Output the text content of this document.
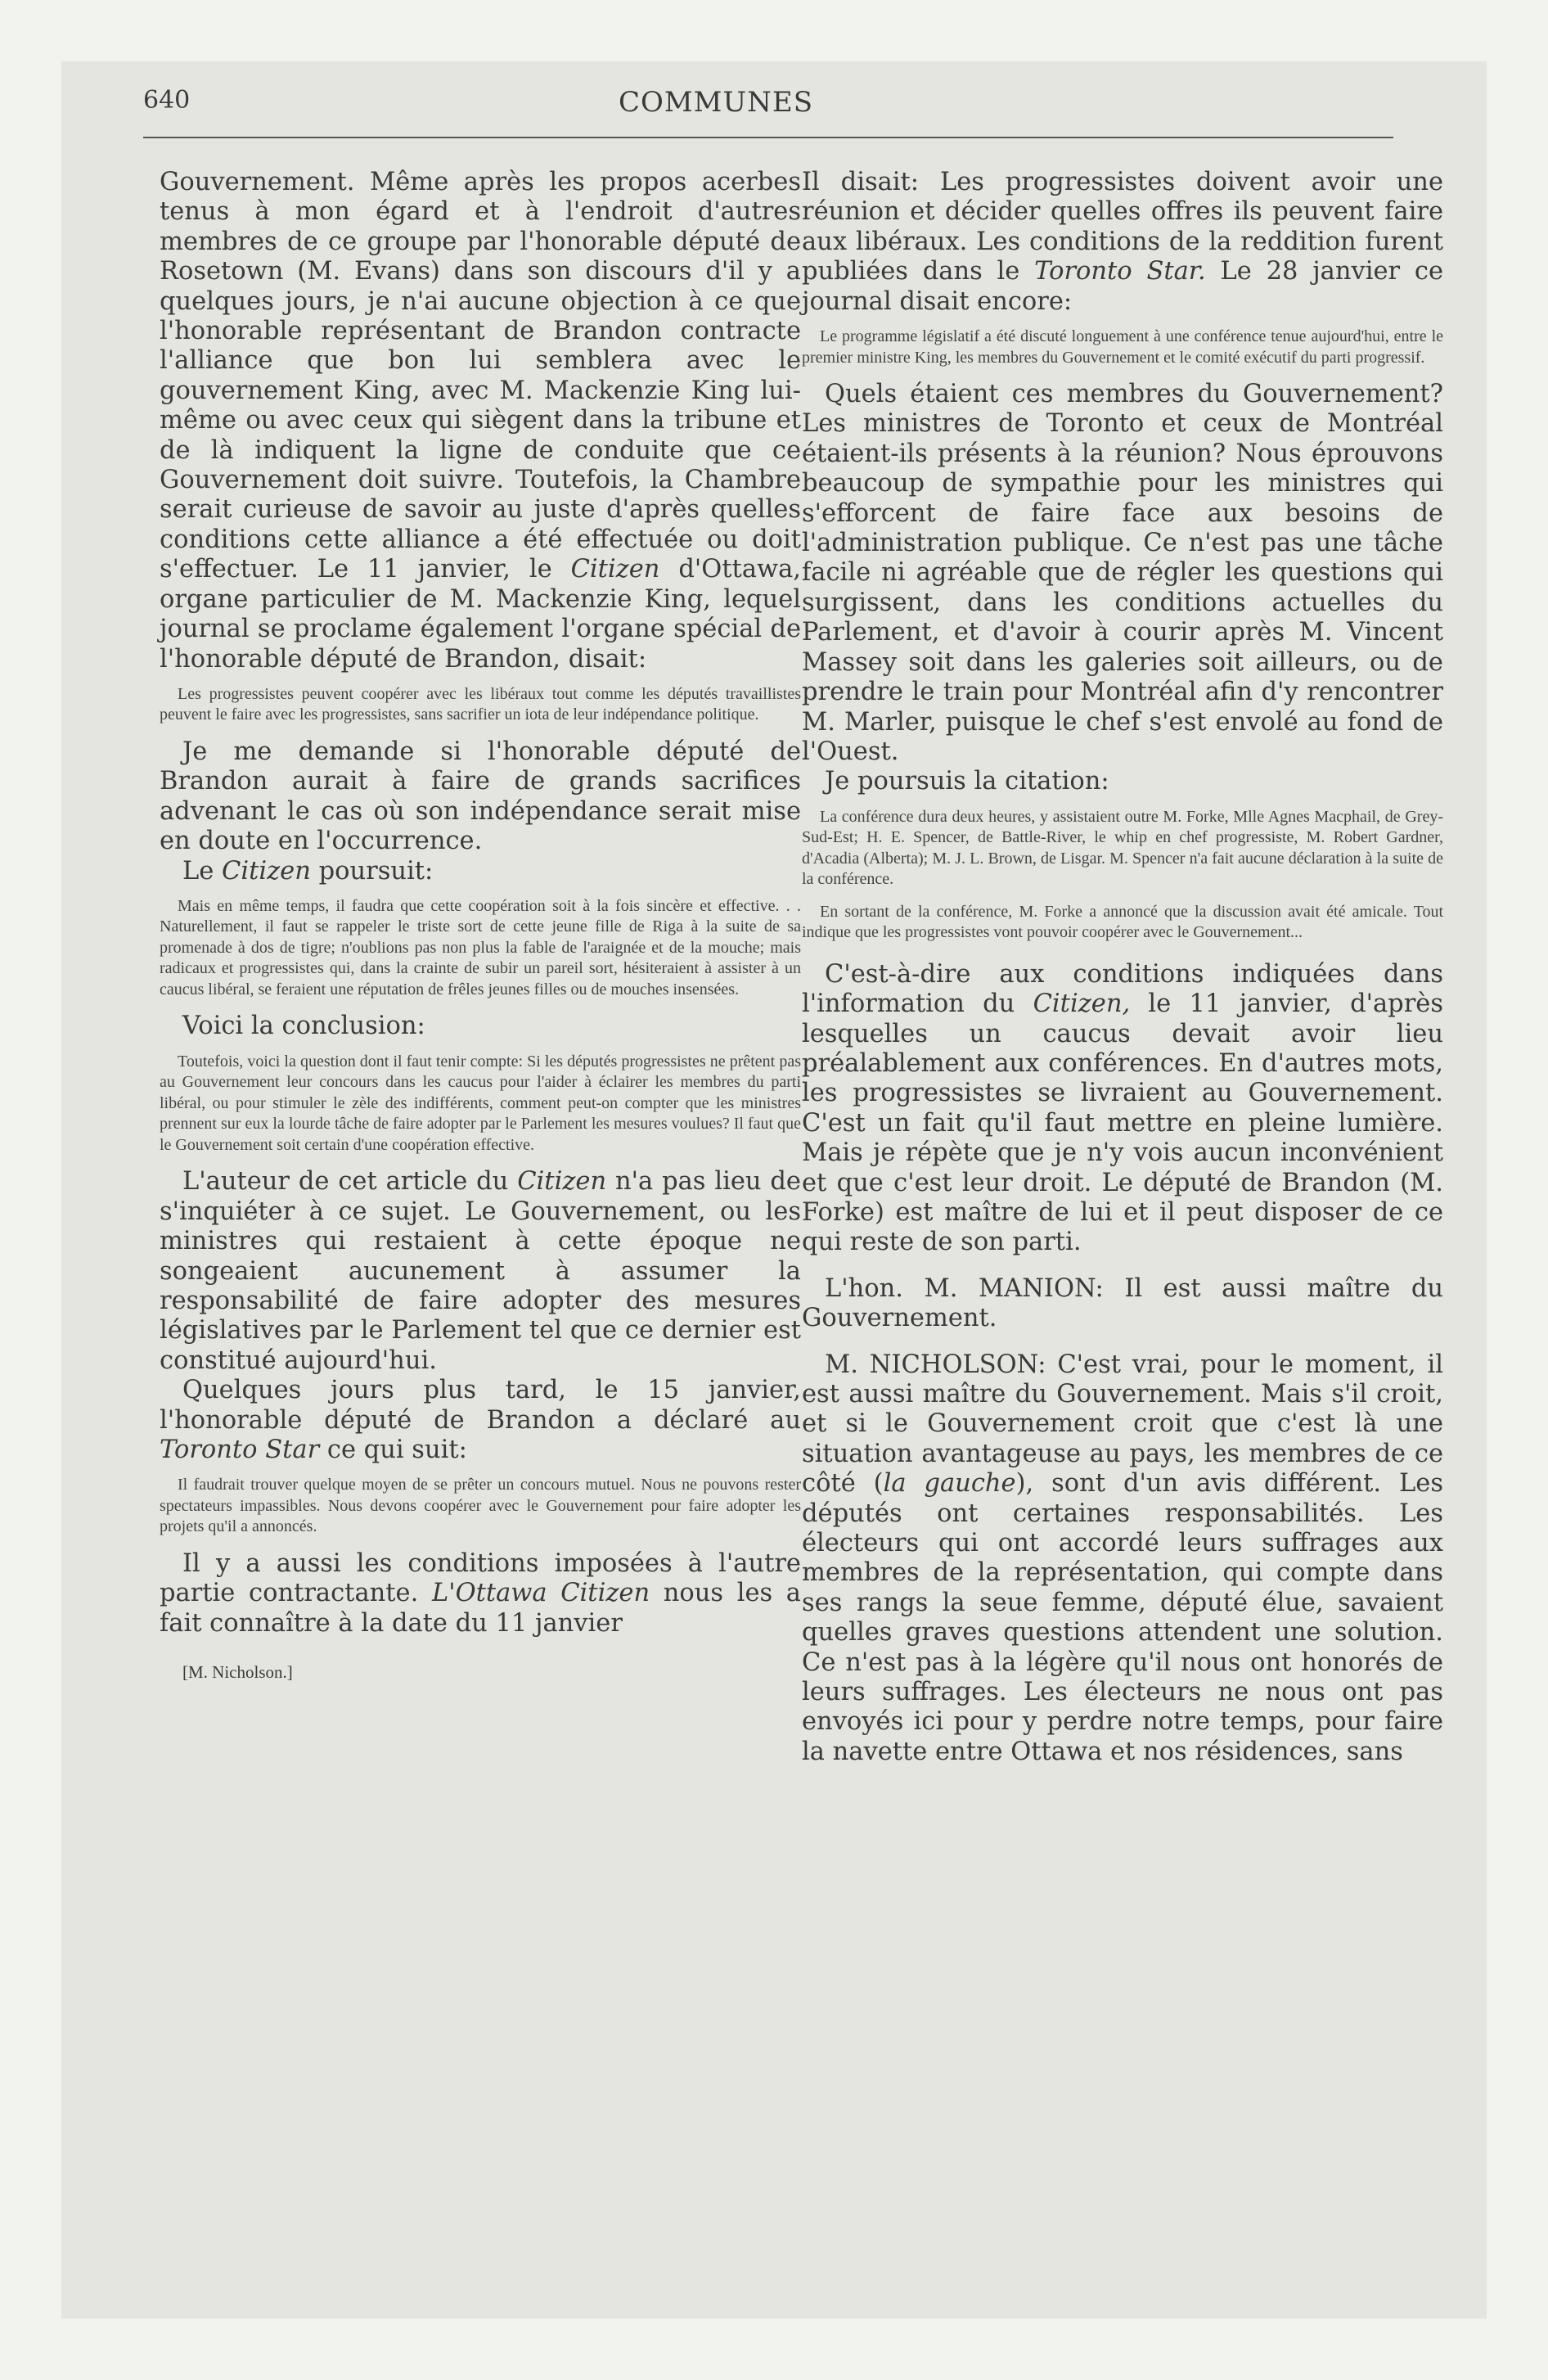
640	COMMUNES

Gouvernement. Même après les propos acerbes tenus à mon égard et à l'endroit d'autres membres de ce groupe par l'honorable député de Rosetown (M. Evans) dans son discours d'il y a quelques jours, je n'ai aucune objection à ce que l'honorable représentant de Brandon contracte l'alliance que bon lui semblera avec le gouvernement King, avec M. Mackenzie King lui-même ou avec ceux qui siègent dans la tribune et de là indiquent la ligne de conduite que ce Gouvernement doit suivre. Toutefois, la Chambre serait curieuse de savoir au juste d'après quelles conditions cette alliance a été effectuée ou doit s'effectuer. Le 11 janvier, le Citizen d'Ottawa, organe particulier de M. Mackenzie King, lequel journal se proclame également l'organe spécial de l'honorable député de Brandon, disait:

Les progressistes peuvent coopérer avec les libéraux tout comme les députés travaillistes peuvent le faire avec les progressistes, sans sacrifier un iota de leur indépendance politique.

Je me demande si l'honorable député de Brandon aurait à faire de grands sacrifices advenant le cas où son indépendance serait mise en doute en l'occurrence.

Le Citizen poursuit:

Mais en même temps, il faudra que cette coopération soit à la fois sincère et effective. . . Naturellement, il faut se rappeler le triste sort de cette jeune fille de Riga à la suite de sa promenade à dos de tigre; n'oublions pas non plus la fable de l'araignée et de la mouche; mais radicaux et progressistes qui, dans la crainte de subir un pareil sort, hésiteraient à assister à un caucus libéral, se feraient une réputation de frêles jeunes filles ou de mouches insensées.

Voici la conclusion:

Toutefois, voici la question dont il faut tenir compte: Si les députés progressistes ne prêtent pas au Gouvernement leur concours dans les caucus pour l'aider à éclairer les membres du parti libéral, ou pour stimuler le zèle des indifférents, comment peut-on compter que les ministres prennent sur eux la lourde tâche de faire adopter par le Parlement les mesures voulues? Il faut que le Gouvernement soit certain d'une coopération effective.

L'auteur de cet article du Citizen n'a pas lieu de s'inquiéter à ce sujet. Le Gouvernement, ou les ministres qui restaient à cette époque ne songeaient aucunement à assumer la responsabilité de faire adopter des mesures législatives par le Parlement tel que ce dernier est constitué aujourd'hui.

Quelques jours plus tard, le 15 janvier, l'honorable député de Brandon a déclaré au Toronto Star ce qui suit:

Il faudrait trouver quelque moyen de se prêter un concours mutuel. Nous ne pouvons rester spectateurs impassibles. Nous devons coopérer avec le Gouvernement pour faire adopter les projets qu'il a annoncés.

Il y a aussi les conditions imposées à l'autre partie contractante. L'Ottawa Citizen nous les a fait connaître à la date du 11 janvier

[M. Nicholson.]

Il disait: Les progressistes doivent avoir une réunion et décider quelles offres ils peuvent faire aux libéraux. Les conditions de la reddition furent publiées dans le Toronto Star. Le 28 janvier ce journal disait encore:

Le programme législatif a été discuté longuement à une conférence tenue aujourd'hui, entre le premier ministre King, les membres du Gouvernement et le comité exécutif du parti progressif.

Quels étaient ces membres du Gouvernement? Les ministres de Toronto et ceux de Montréal étaient-ils présents à la réunion? Nous éprouvons beaucoup de sympathie pour les ministres qui s'efforcent de faire face aux besoins de l'administration publique. Ce n'est pas une tâche facile ni agréable que de régler les questions qui surgissent, dans les conditions actuelles du Parlement, et d'avoir à courir après M. Vincent Massey soit dans les galeries soit ailleurs, ou de prendre le train pour Montréal afin d'y rencontrer M. Marler, puisque le chef s'est envolé au fond de l'Ouest.

Je poursuis la citation:

La conférence dura deux heures, y assistaient outre M. Forke, Mlle Agnes Macphail, de Grey-Sud-Est; H. E. Spencer, de Battle-River, le whip en chef progressiste, M. Robert Gardner, d'Acadia (Alberta); M. J. L. Brown, de Lisgar. M. Spencer n'a fait aucune déclaration à la suite de la conférence.

En sortant de la conférence, M. Forke a annoncé que la discussion avait été amicale. Tout indique que les progressistes vont pouvoir coopérer avec le Gouvernement...

C'est-à-dire aux conditions indiquées dans l'information du Citizen, le 11 janvier, d'après lesquelles un caucus devait avoir lieu préalablement aux conférences. En d'autres mots, les progressistes se livraient au Gouvernement. C'est un fait qu'il faut mettre en pleine lumière. Mais je répète que je n'y vois aucun inconvénient et que c'est leur droit. Le député de Brandon (M. Forke) est maître de lui et il peut disposer de ce qui reste de son parti.

L'hon. M. MANION: Il est aussi maître du Gouvernement.

M. NICHOLSON: C'est vrai, pour le moment, il est aussi maître du Gouvernement. Mais s'il croit, et si le Gouvernement croit que c'est là une situation avantageuse au pays, les membres de ce côté (la gauche), sont d'un avis différent. Les députés ont certaines responsabilités. Les électeurs qui ont accordé leurs suffrages aux membres de la représentation, qui compte dans ses rangs la seue femme, député élue, savaient quelles graves questions attendent une solution. Ce n'est pas à la légère qu'il nous ont honorés de leurs suffrages. Les électeurs ne nous ont pas envoyés ici pour y perdre notre temps, pour faire la navette entre Ottawa et nos résidences, sans
